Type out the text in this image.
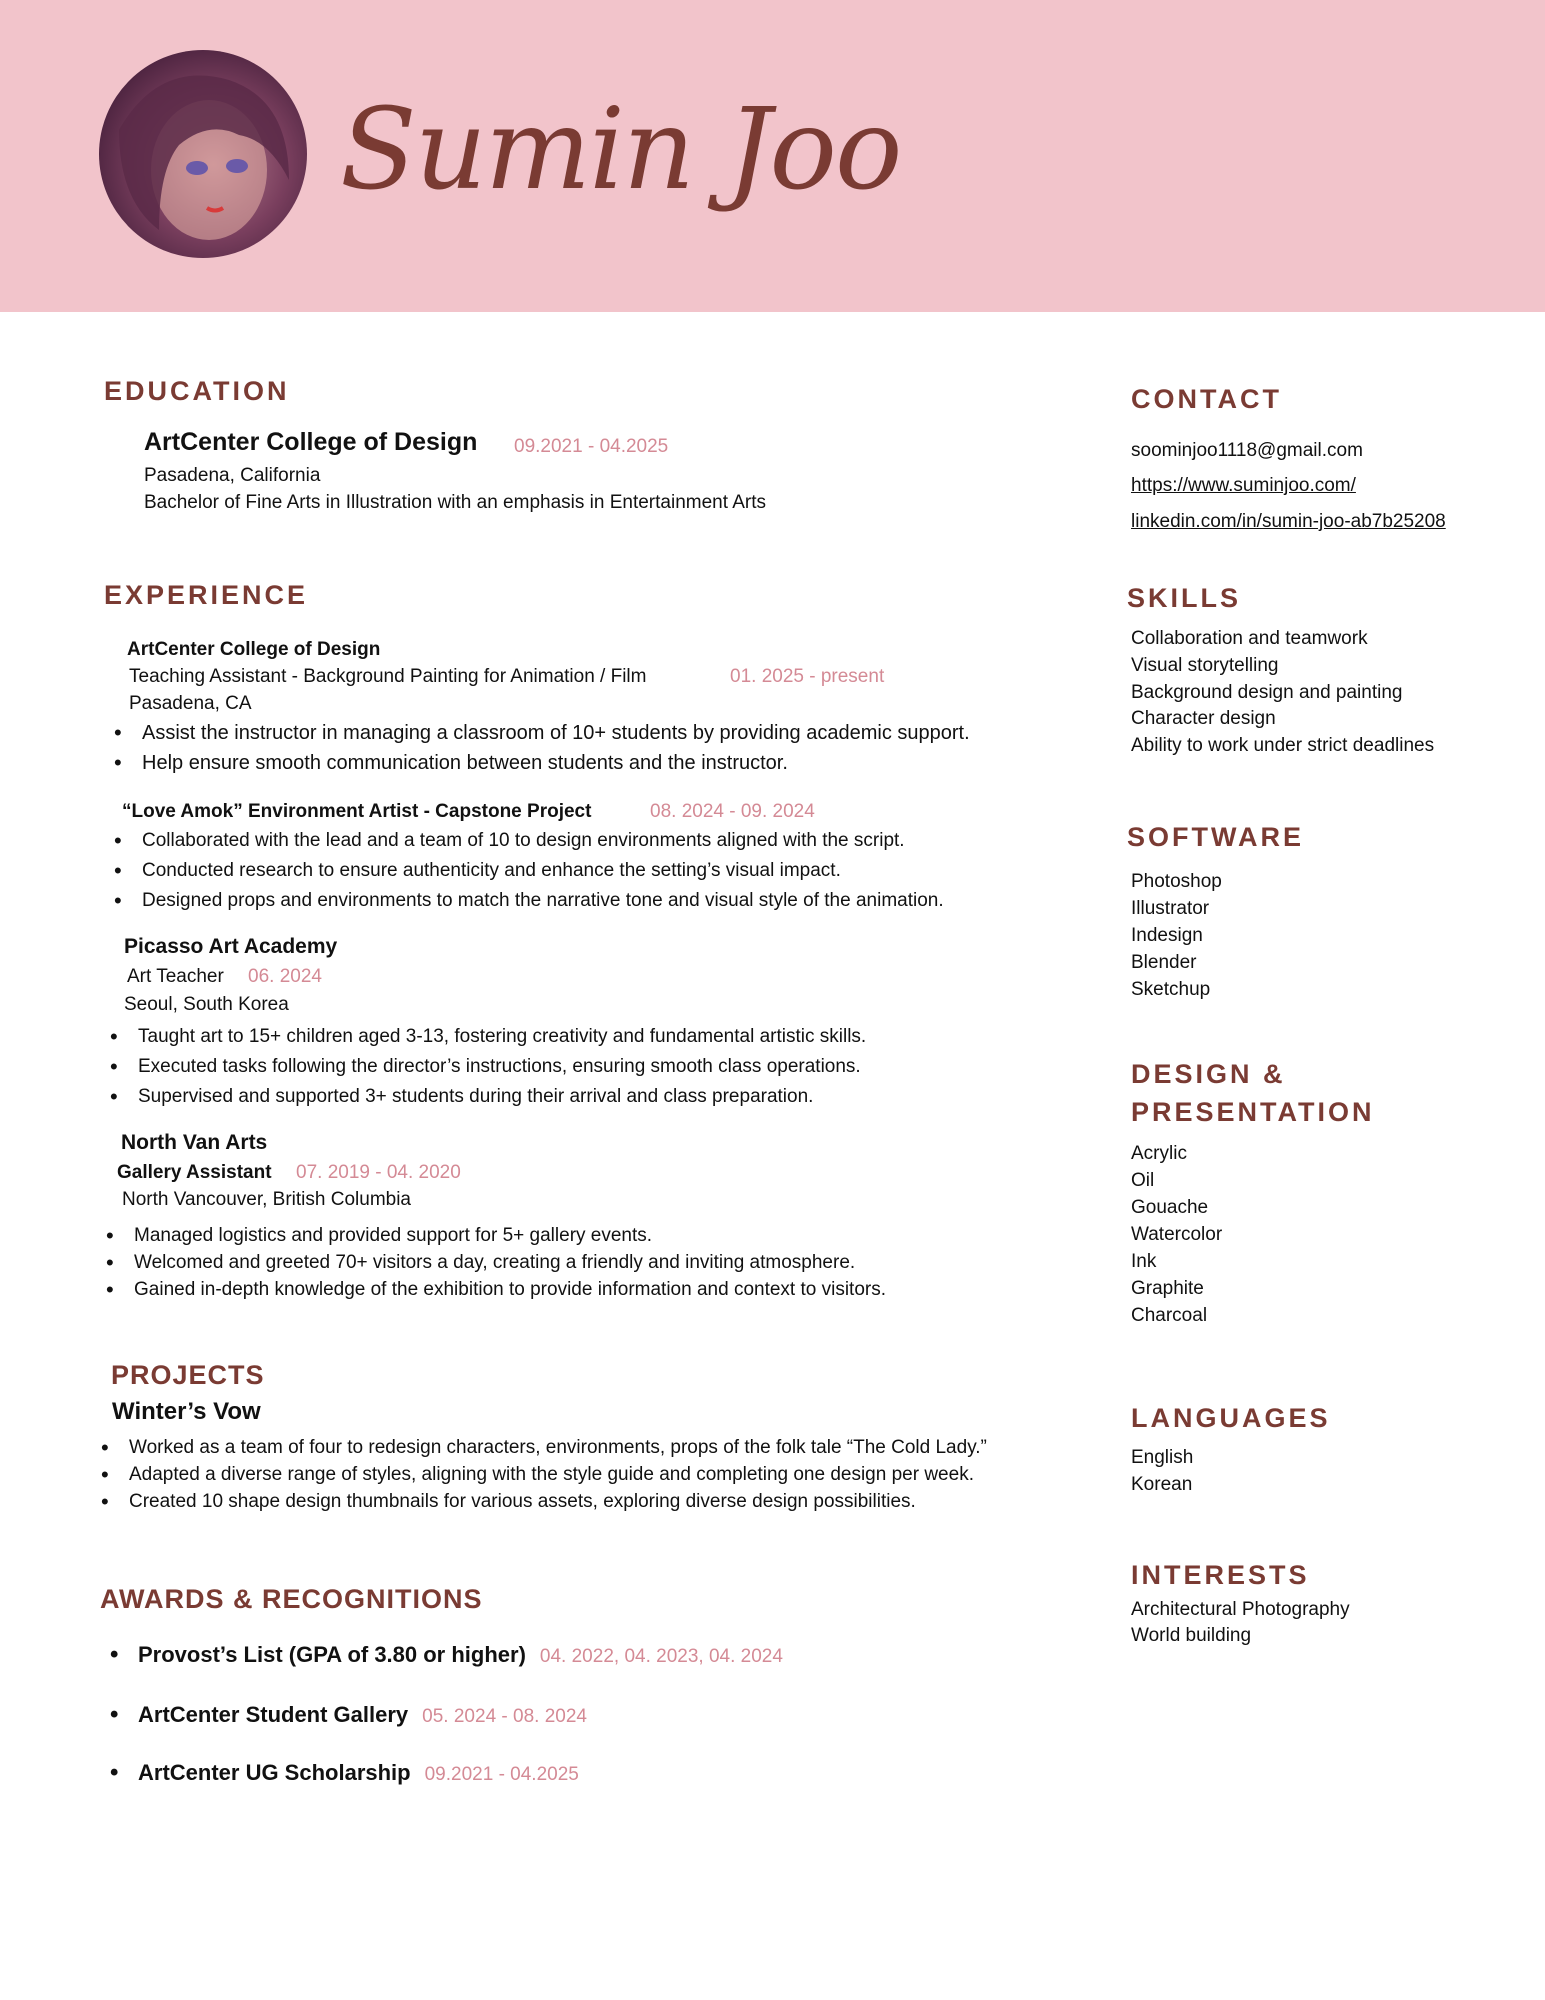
Sumin Joo
EDUCATION
ArtCenter College of Design 09.2021 - 04.2025
Pasadena, California
Bachelor of Fine Arts in Illustration with an emphasis in Entertainment Arts
EXPERIENCE
ArtCenter College of Design
Teaching Assistant - Background Painting for Animation / Film	01. 2025 - present
Pasadena, CA
• Assist the instructor in managing a classroom of 10+ students by providing academic support.
• Help ensure smooth communication between students and the instructor.
“Love Amok” Environment Artist - Capstone Project	08. 2024 - 09. 2024
• Collaborated with the lead and a team of 10 to design environments aligned with the script.
• Conducted research to ensure authenticity and enhance the setting’s visual impact.
• Designed props and environments to match the narrative tone and visual style of the animation.
Picasso Art Academy
Art Teacher 06. 2024
Seoul, South Korea
• Taught art to 15+ children aged 3-13, fostering creativity and fundamental artistic skills.
• Executed tasks following the director’s instructions, ensuring smooth class operations.
• Supervised and supported 3+ students during their arrival and class preparation.
North Van Arts
Gallery Assistant 07. 2019 - 04. 2020
North Vancouver, British Columbia
• Managed logistics and provided support for 5+ gallery events.
• Welcomed and greeted 70+ visitors a day, creating a friendly and inviting atmosphere.
• Gained in-depth knowledge of the exhibition to provide information and context to visitors.
PROJECTS
Winter’s Vow
• Worked as a team of four to redesign characters, environments, props of the folk tale “The Cold Lady.”
• Adapted a diverse range of styles, aligning with the style guide and completing one design per week.
• Created 10 shape design thumbnails for various assets, exploring diverse design possibilities.
AWARDS & RECOGNITIONS
• Provost’s List (GPA of 3.80 or higher) 04. 2022, 04. 2023, 04. 2024
• ArtCenter Student Gallery 05. 2024 - 08. 2024
• ArtCenter UG Scholarship 09.2021 - 04.2025
CONTACT
soominjoo1118@gmail.com
https://www.suminjoo.com/
linkedin.com/in/sumin-joo-ab7b25208
SKILLS
Collaboration and teamwork
Visual storytelling
Background design and painting
Character design
Ability to work under strict deadlines
SOFTWARE
Photoshop
Illustrator
Indesign
Blender
Sketchup
DESIGN &
PRESENTATION
Acrylic
Oil
Gouache
Watercolor
Ink
Graphite
Charcoal
LANGUAGES
English
Korean
INTERESTS
Architectural Photography
World building
